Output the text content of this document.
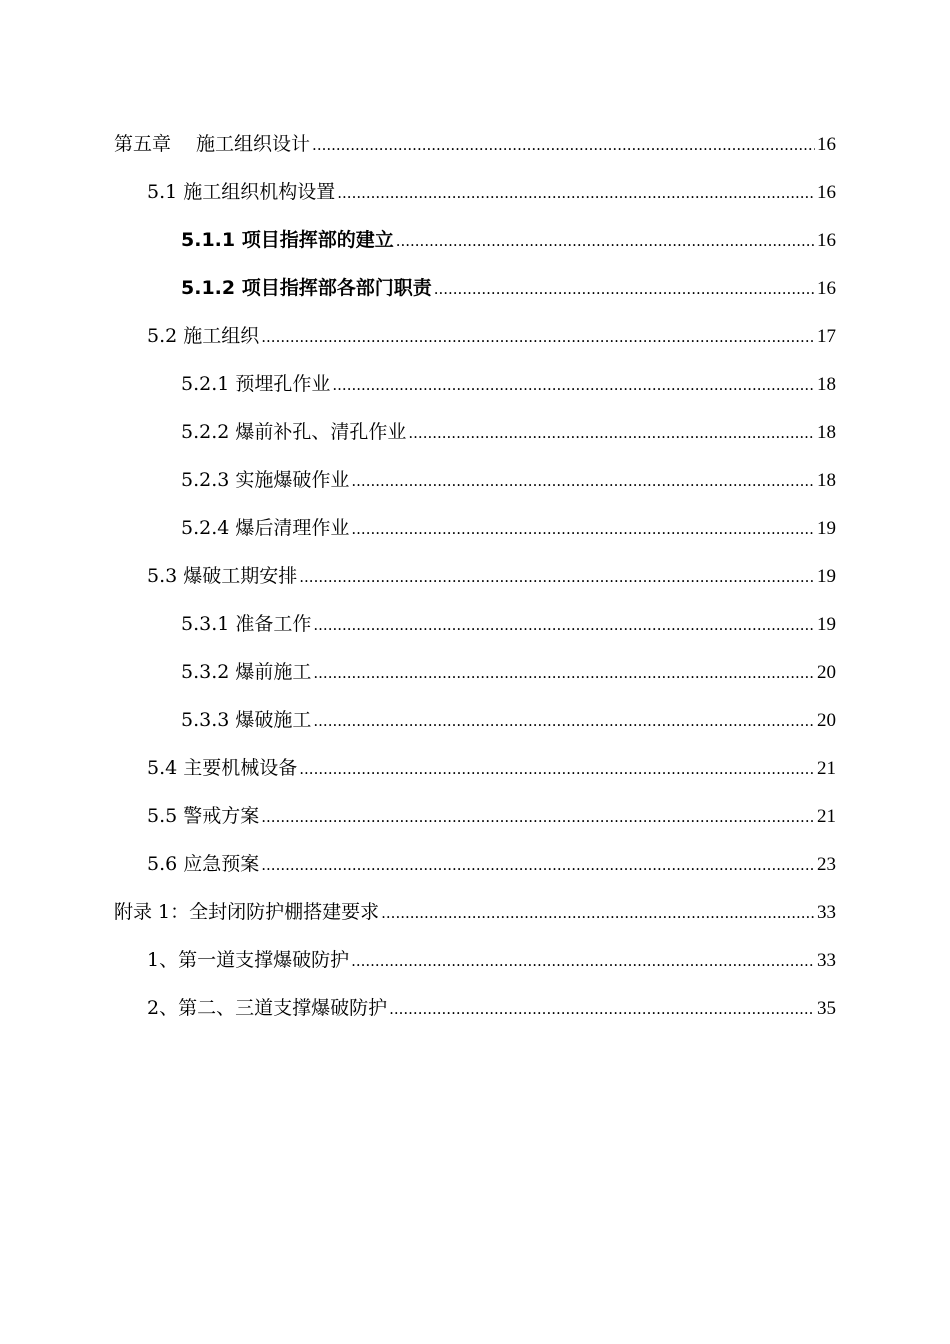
第五章　 施工组织设计 .....	16
5.1 施工组织机构设置 .....	16
5.1.1 项目指挥部的建立 .....	16
5.1.2 项目指挥部各部门职责 .....	16
5.2 施工组织 .....	17
5.2.1 预埋孔作业 .....	18
5.2.2 爆前补孔、清孔作业 .....	18
5.2.3 实施爆破作业 .....	18
5.2.4 爆后清理作业 .....	19
5.3 爆破工期安排 .....	19
5.3.1 准备工作 .....	19
5.3.2 爆前施工 .....	20
5.3.3 爆破施工 .....	20
5.4 主要机械设备 .....	21
5.5 警戒方案 .....	21
5.6 应急预案 .....	23
附录 1：全封闭防护棚搭建要求 .....	33
1、第一道支撑爆破防护 .....	33
2、第二、三道支撑爆破防护 .....	35
